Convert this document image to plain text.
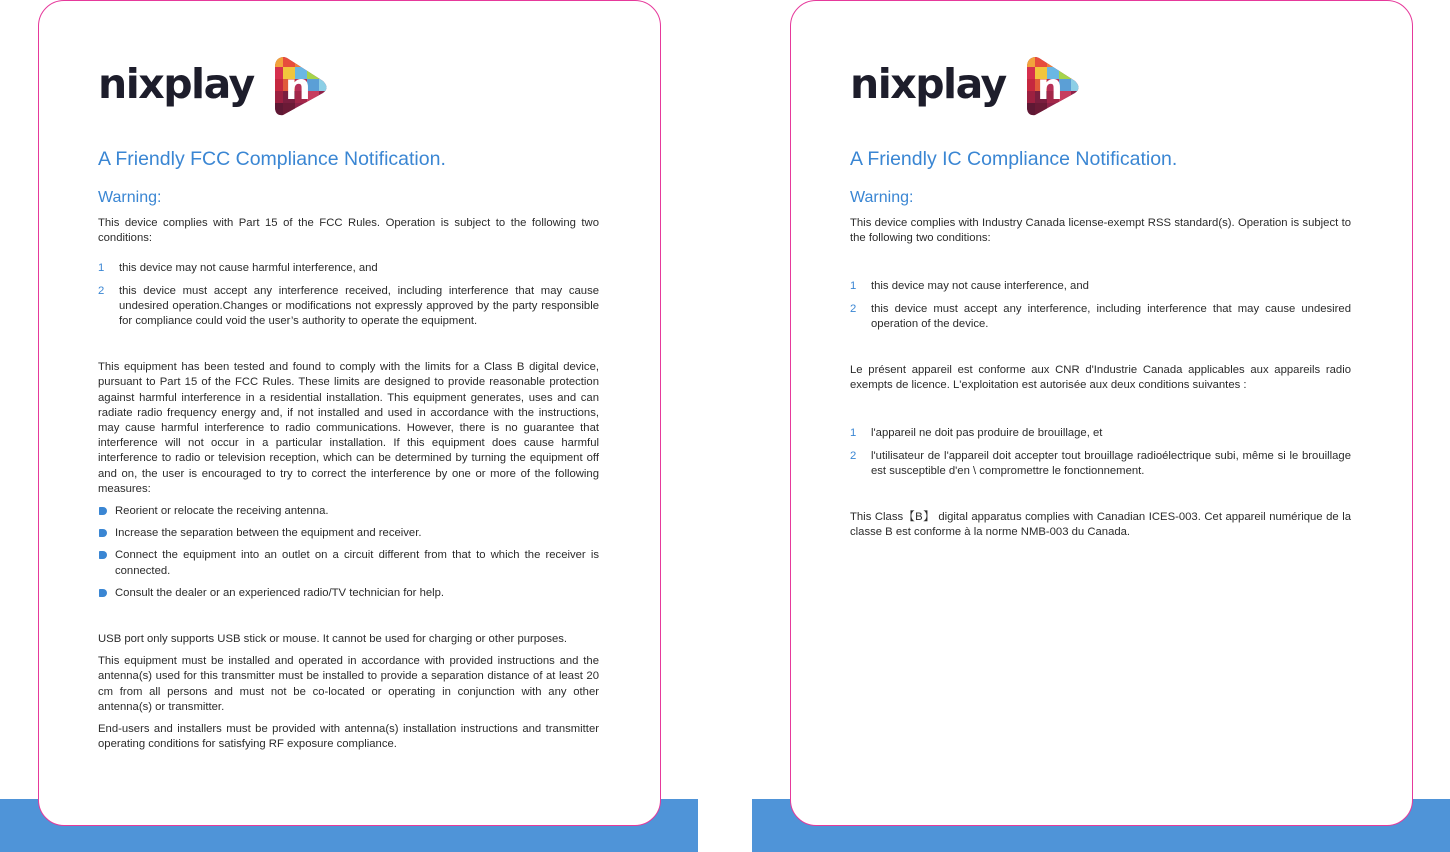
nixplay n
A Friendly FCC Compliance Notification.
Warning:

This device complies with Part 15 of the FCC Rules. Operation is subject to the following two conditions:

1 this device may not cause harmful interference, and
2 this device must accept any interference received, including interference that may cause undesired operation.Changes or modifications not expressly approved by the party responsible for compliance could void the user’s authority to operate the equipment.

This equipment has been tested and found to comply with the limits for a Class B digital device, pursuant to Part 15 of the FCC Rules. These limits are designed to provide reasonable protection against harmful interference in a residential installation. This equipment generates, uses and can radiate radio frequency energy and, if not installed and used in accordance with the instructions, may cause harmful interference to radio communications. However, there is no guarantee that interference will not occur in a particular installation. If this equipment does cause harmful interference to radio or television reception, which can be determined by turning the equipment off and on, the user is encouraged to try to correct the interference by one or more of the following measures:

Reorient or relocate the receiving antenna.
Increase the separation between the equipment and receiver.
Connect the equipment into an outlet on a circuit different from that to which the receiver is connected.
Consult the dealer or an experienced radio/TV technician for help.

USB port only supports USB stick or mouse. It cannot be used for charging or other purposes.

This equipment must be installed and operated in accordance with provided instructions and the antenna(s) used for this transmitter must be installed to provide a separation distance of at least 20 cm from all persons and must not be co-located or operating in conjunction with any other antenna(s) or transmitter.

End-users and installers must be provided with antenna(s) installation instructions and transmitter operating conditions for satisfying RF exposure compliance.

nixplay n
A Friendly IC Compliance Notification.
Warning:

This device complies with Industry Canada license-exempt RSS standard(s). Operation is subject to the following two conditions:

1 this device may not cause interference, and
2 this device must accept any interference, including interference that may cause undesired operation of the device.

Le présent appareil est conforme aux CNR d'Industrie Canada applicables aux appareils radio exempts de licence. L'exploitation est autorisée aux deux conditions suivantes :

1 l'appareil ne doit pas produire de brouillage, et
2 l'utilisateur de l'appareil doit accepter tout brouillage radioélectrique subi, même si le brouillage est susceptible d'en \ compromettre le fonctionnement.

This Class【B】 digital apparatus complies with Canadian ICES-003. Cet appareil numérique de la classe B est conforme à la norme NMB-003 du Canada.
